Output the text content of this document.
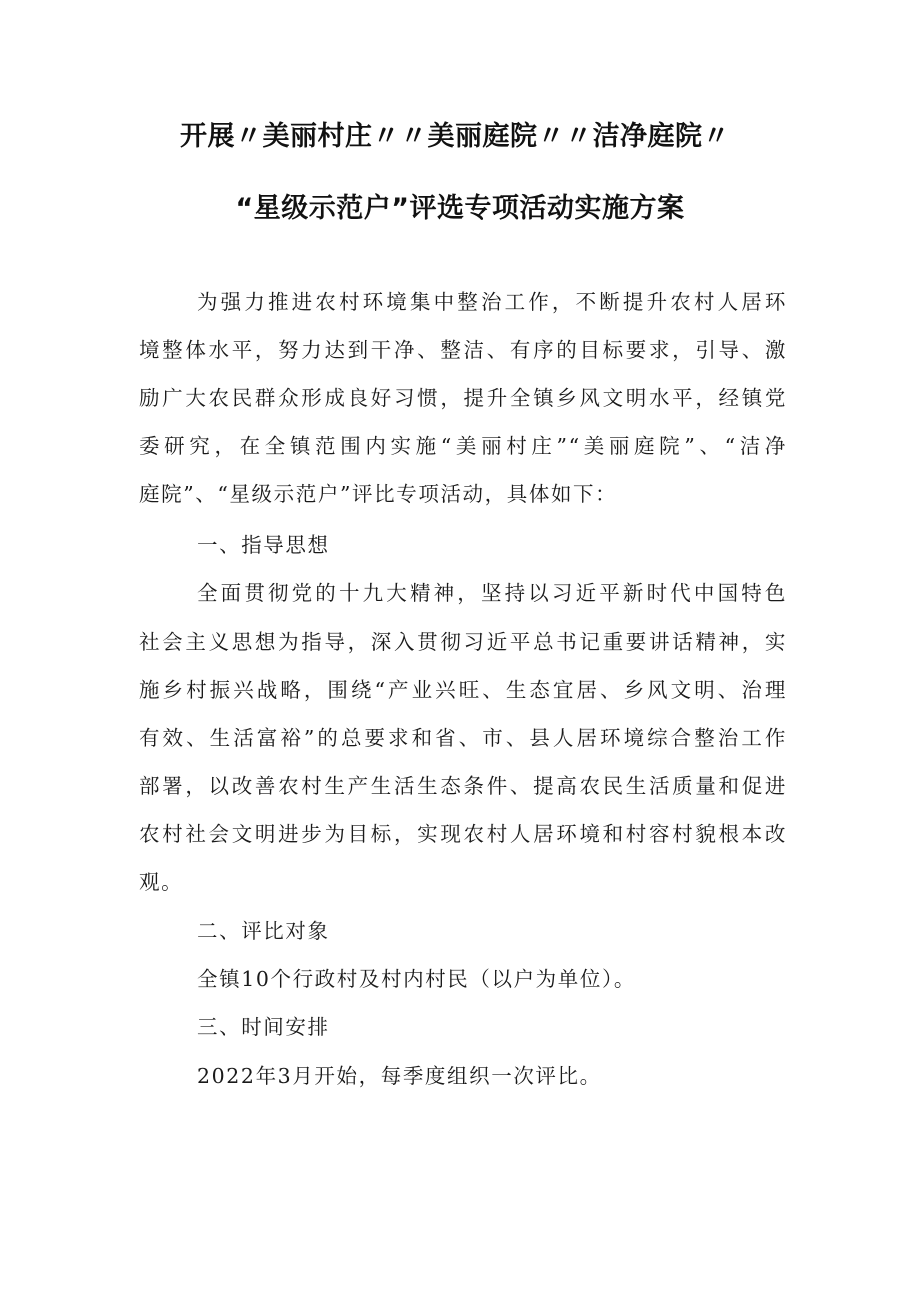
开展〃美丽村庄〃〃美丽庭院〃〃洁净庭院〃
“星级示范户”评选专项活动实施方案
为强力推进农村环境集中整治工作，不断提升农村人居环
境整体水平，努力达到干净、整洁、有序的目标要求，引导、激
励广大农民群众形成良好习惯，提升全镇乡风文明水平，经镇党
委研究，在全镇范围内实施“美丽村庄”“美丽庭院”、“洁净
庭院”、“星级示范户”评比专项活动，具体如下：
一、指导思想
全面贯彻党的十九大精神，坚持以习近平新时代中国特色
社会主义思想为指导，深入贯彻习近平总书记重要讲话精神，实
施乡村振兴战略，围绕“产业兴旺、生态宜居、乡风文明、治理
有效、生活富裕”的总要求和省、市、县人居环境综合整治工作
部署，以改善农村生产生活生态条件、提高农民生活质量和促进
农村社会文明进步为目标，实现农村人居环境和村容村貌根本改
观。
二、评比对象
全镇10个行政村及村内村民（以户为单位）。
三、时间安排
2022年3月开始，每季度组织一次评比。
